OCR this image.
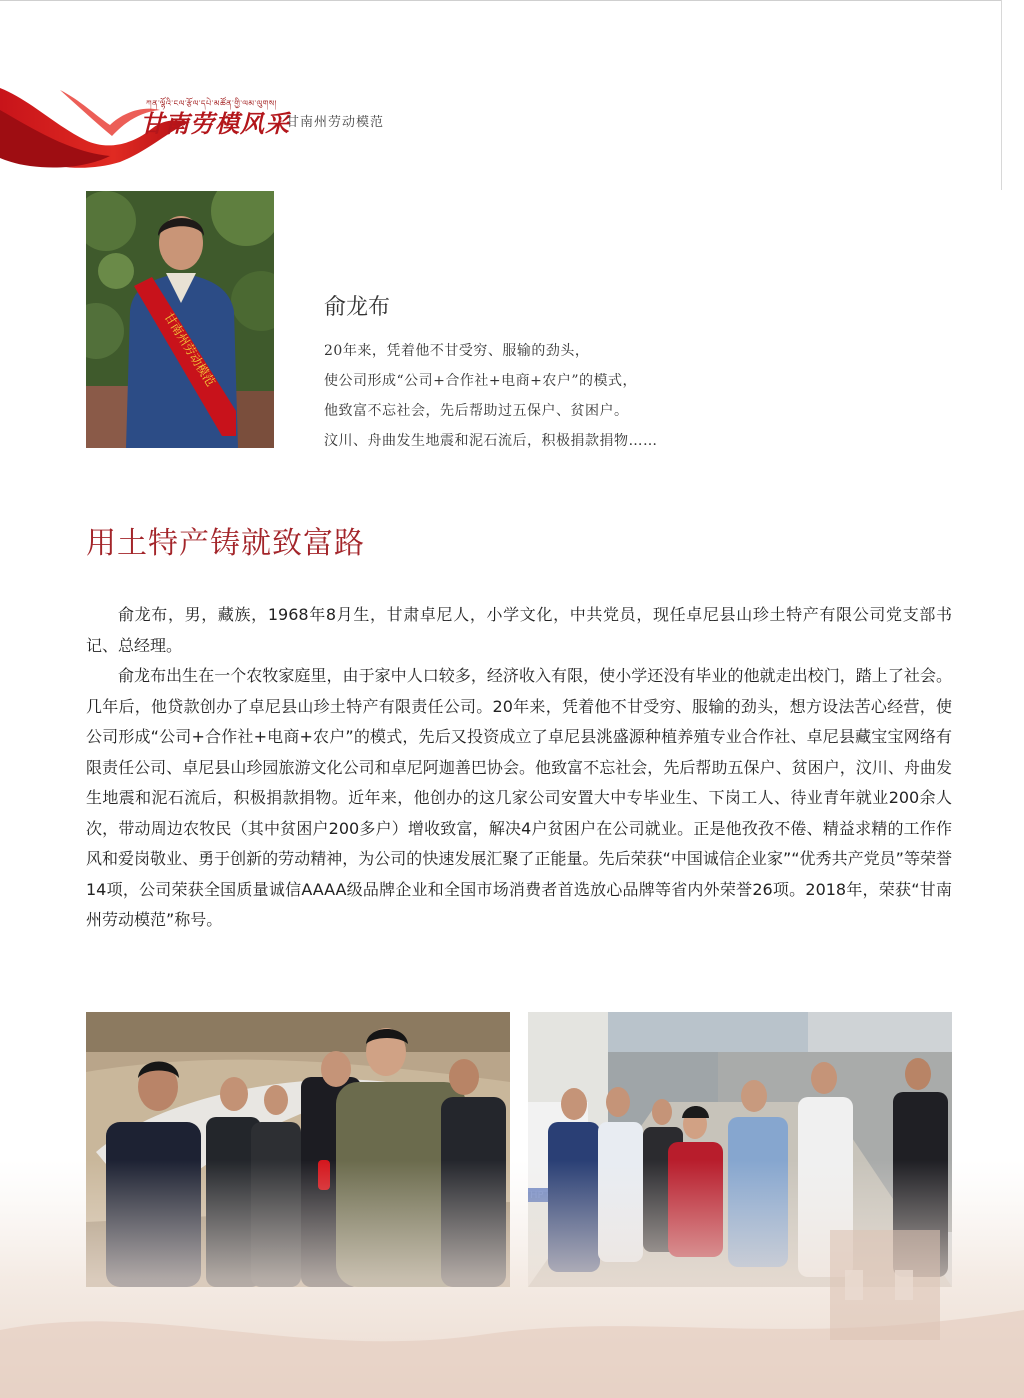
ཀན་ལྷོའི་ངལ་རྩོལ་དཔེ་མཚོན་གྱི་ལམ་ལུགས།
甘南劳模风采
甘南州劳动模范
甘南州劳动模范
俞龙布
20年来，凭着他不甘受穷、服输的劲头，
使公司形成“公司+合作社+电商+农户”的模式，
他致富不忘社会，先后帮助过五保户、贫困户。
汶川、舟曲发生地震和泥石流后，积极捐款捐物……
用土特产铸就致富路

俞龙布，男，藏族，1968年8月生，甘肃卓尼人，小学文化，中共党员，现任卓尼县山珍土特产有限公司党支部书记、总经理。

俞龙布出生在一个农牧家庭里，由于家中人口较多，经济收入有限，使小学还没有毕业的他就走出校门，踏上了社会。几年后，他贷款创办了卓尼县山珍土特产有限责任公司。20年来，凭着他不甘受穷、服输的劲头，想方设法苦心经营，使公司形成“公司+合作社+电商+农户”的模式，先后又投资成立了卓尼县洮盛源种植养殖专业合作社、卓尼县藏宝宝网络有限责任公司、卓尼县山珍园旅游文化公司和卓尼阿迦善巴协会。他致富不忘社会，先后帮助五保户、贫困户，汶川、舟曲发生地震和泥石流后，积极捐款捐物。近年来，他创办的这几家公司安置大中专毕业生、下岗工人、待业青年就业200余人次，带动周边农牧民（其中贫困户200多户）增收致富，解决4户贫困户在公司就业。正是他孜孜不倦、精益求精的工作作风和爱岗敬业、勇于创新的劳动精神，为公司的快速发展汇聚了正能量。先后荣获“中国诚信企业家”“优秀共产党员”等荣誉14项，公司荣获全国质量诚信AAAA级品牌企业和全国市场消费者首选放心品牌等省内外荣誉26项。2018年，荣获“甘南州劳动模范”称号。
